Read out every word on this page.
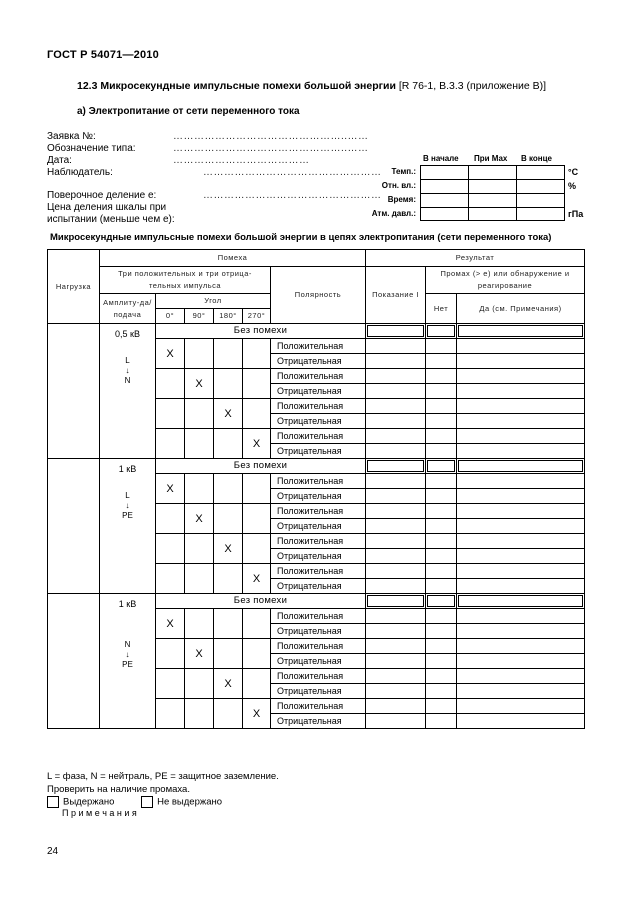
ГОСТ Р 54071—2010
12.3 Микросекундные импульсные помехи большой энергии [R 76-1, В.3.3 (приложение В)]
а) Электропитание от сети переменного тока
Заявка №:	…………………………………………..……
Обозначение типа:	…………………………………………..……
Дата:	…………………………………
Наблюдатель:	……………………………………………
Поверочное деление е:	……………………………………………
Цена деления шкалы при
испытании (меньше чем е):
В начале При Max В конце
Темп.:
Отн. вл.:
Время:
Атм. давл.:
°С
%
гПа
Микросекундные импульсные помехи большой энергии в цепях электропитания (сети переменного тока)
Нагрузка	Помеха						Результат		
	Три положительных и три отрица-тельных импульса					Полярность	Показание I	Промах (> е) или обнаружение и реагирование	
	Амплиту-да/подача	Угол						Нет	Да (см. Примечания)
		0°	90°	180°	270°				

	0,5 кВ
L
↓
N	Без помехи					

		X				Положительная			
						Отрицательная			
			X			Положительная			
						Отрицательная			
				X		Положительная			
						Отрицательная			
					X	Положительная			
						Отрицательная			

	1 кВ
L
↓
PE	Без помехи					

		X				Положительная			
						Отрицательная			
			X			Положительная			
						Отрицательная			
				X		Положительная			
						Отрицательная			
					X	Положительная			
						Отрицательная			

	1 кВ
N
↓
PE	Без помехи					

		X				Положительная			
						Отрицательная			
			X			Положительная			
						Отрицательная			
				X		Положительная			
						Отрицательная			
					X	Положительная			
						Отрицательная			
L = фаза, N = нейтраль, PE = защитное заземление.
Проверить на наличие промаха.
Выдержано	Не выдержано
П р и м е ч а н и я
24
